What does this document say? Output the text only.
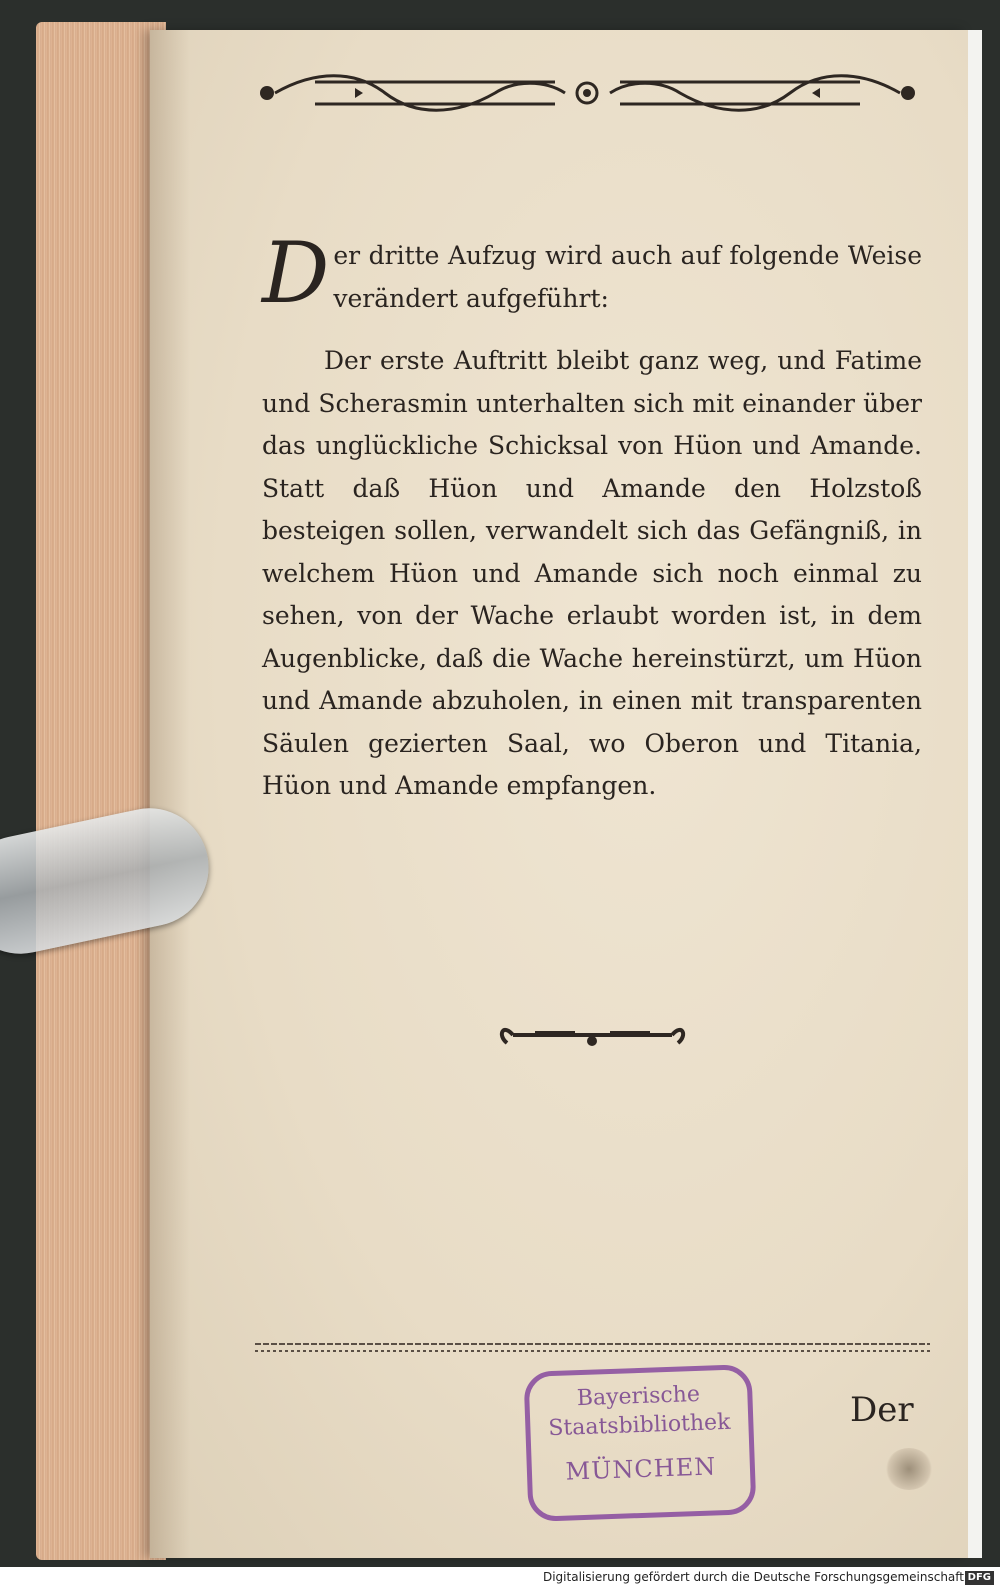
Der dritte Aufzug wird auch auf folgende Weise verändert aufgeführt:

Der erste Auftritt bleibt ganz weg, und Fatime und Scherasmin unterhalten sich mit einander über das unglückliche Schicksal von Hüon und Amande. Statt daß Hüon und Amande den Holzstoß besteigen sollen, verwandelt sich das Gefängniß, in welchem Hüon und Amande sich noch einmal zu sehen, von der Wache erlaubt worden ist, in dem Augenblicke, daß die Wache hereinstürzt, um Hüon und Amande abzuholen, in einen mit transparenten Säulen gezierten Saal, wo Oberon und Titania, Hüon und Amande empfangen.

Bayerische
Staatsbibliothek
MÜNCHEN
Der
Digitalisierung gefördert durch die Deutsche Forschungsgemeinschaft DFG
